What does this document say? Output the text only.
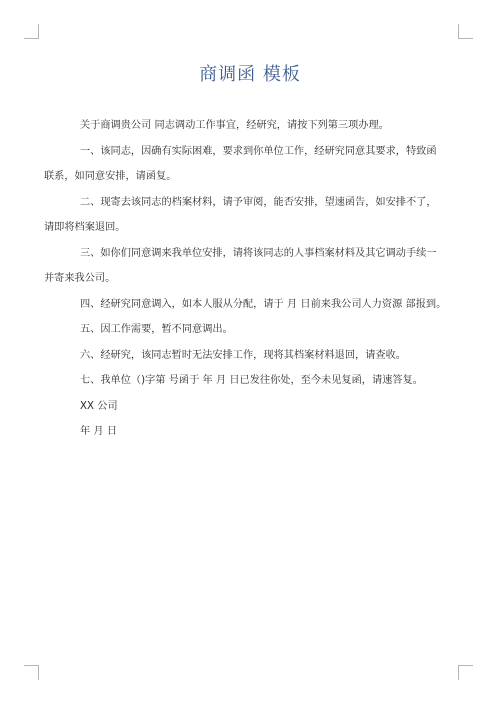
商调函 模板
关于商调贵公司 同志调动工作事宜，经研究，请按下列第三项办理。
一、该同志，因确有实际困难，要求到你单位工作，经研究同意其要求，特致函
联系，如同意安排，请函复。
二、现寄去该同志的档案材料，请予审阅，能否安排，望速函告，如安排不了，
请即将档案退回。
三、如你们同意调来我单位安排，请将该同志的人事档案材料及其它调动手续一
并寄来我公司。
四、经研究同意调入，如本人服从分配，请于 月 日前来我公司人力资源 部报到。
五、因工作需要，暂不同意调出。
六、经研究，该同志暂时无法安排工作，现将其档案材料退回，请查收。
七、我单位（)字第 号函于 年 月 日已发往你处，至今未见复函，请速答复。
XX 公司
年 月 日
